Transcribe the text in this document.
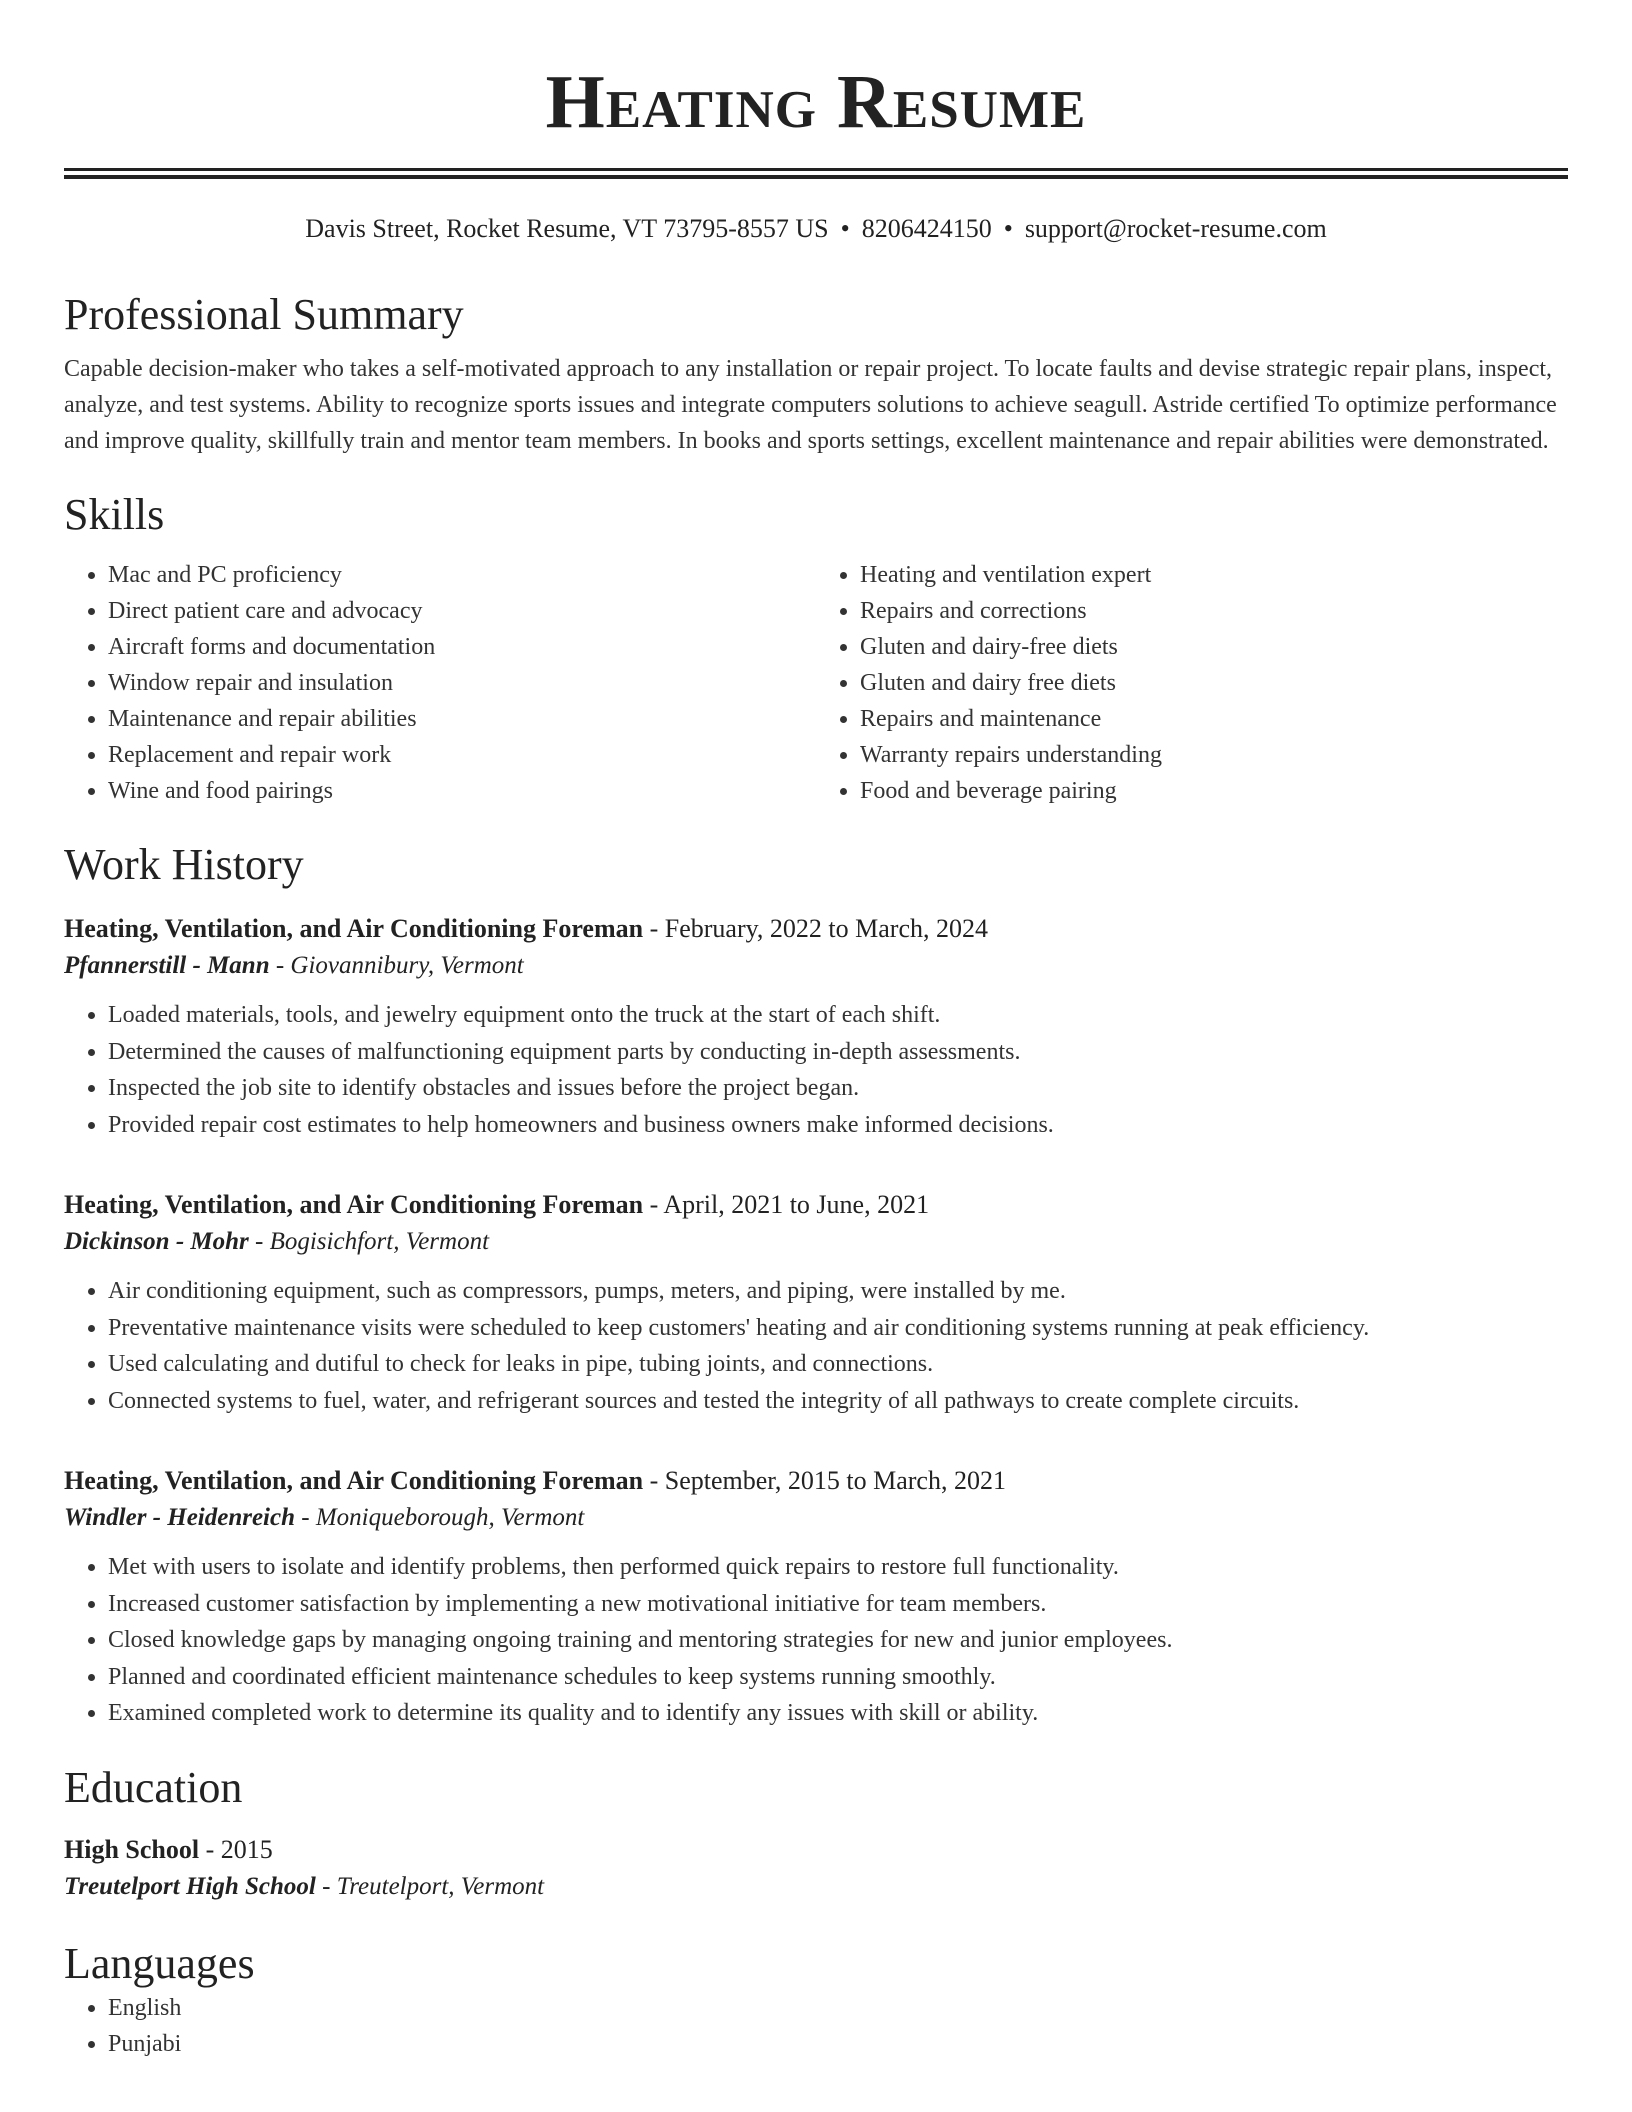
Heating Resume
Davis Street, Rocket Resume, VT 73795-8557 US • 8206424150 • support@rocket-resume.com
Professional Summary

Capable decision-maker who takes a self-motivated approach to any installation or repair project. To locate faults and devise strategic repair plans, inspect, analyze, and test systems. Ability to recognize sports issues and integrate computers solutions to achieve seagull. Astride certified To optimize performance and improve quality, skillfully train and mentor team members. In books and sports settings, excellent maintenance and repair abilities were demonstrated.

Skills
• Mac and PC proficiency
• Direct patient care and advocacy
• Aircraft forms and documentation
• Window repair and insulation
• Maintenance and repair abilities
• Replacement and repair work
• Wine and food pairings
• Heating and ventilation expert
• Repairs and corrections
• Gluten and dairy-free diets
• Gluten and dairy free diets
• Repairs and maintenance
• Warranty repairs understanding
• Food and beverage pairing
Work History
Heating, Ventilation, and Air Conditioning Foreman - February, 2022 to March, 2024
Pfannerstill - Mann - Giovannibury, Vermont
• Loaded materials, tools, and jewelry equipment onto the truck at the start of each shift.
• Determined the causes of malfunctioning equipment parts by conducting in-depth assessments.
• Inspected the job site to identify obstacles and issues before the project began.
• Provided repair cost estimates to help homeowners and business owners make informed decisions.
Heating, Ventilation, and Air Conditioning Foreman - April, 2021 to June, 2021
Dickinson - Mohr - Bogisichfort, Vermont
• Air conditioning equipment, such as compressors, pumps, meters, and piping, were installed by me.
• Preventative maintenance visits were scheduled to keep customers' heating and air conditioning systems running at peak efficiency.
• Used calculating and dutiful to check for leaks in pipe, tubing joints, and connections.
• Connected systems to fuel, water, and refrigerant sources and tested the integrity of all pathways to create complete circuits.
Heating, Ventilation, and Air Conditioning Foreman - September, 2015 to March, 2021
Windler - Heidenreich - Moniqueborough, Vermont
• Met with users to isolate and identify problems, then performed quick repairs to restore full functionality.
• Increased customer satisfaction by implementing a new motivational initiative for team members.
• Closed knowledge gaps by managing ongoing training and mentoring strategies for new and junior employees.
• Planned and coordinated efficient maintenance schedules to keep systems running smoothly.
• Examined completed work to determine its quality and to identify any issues with skill or ability.
Education
High School - 2015
Treutelport High School - Treutelport, Vermont
Languages
• English
• Punjabi
